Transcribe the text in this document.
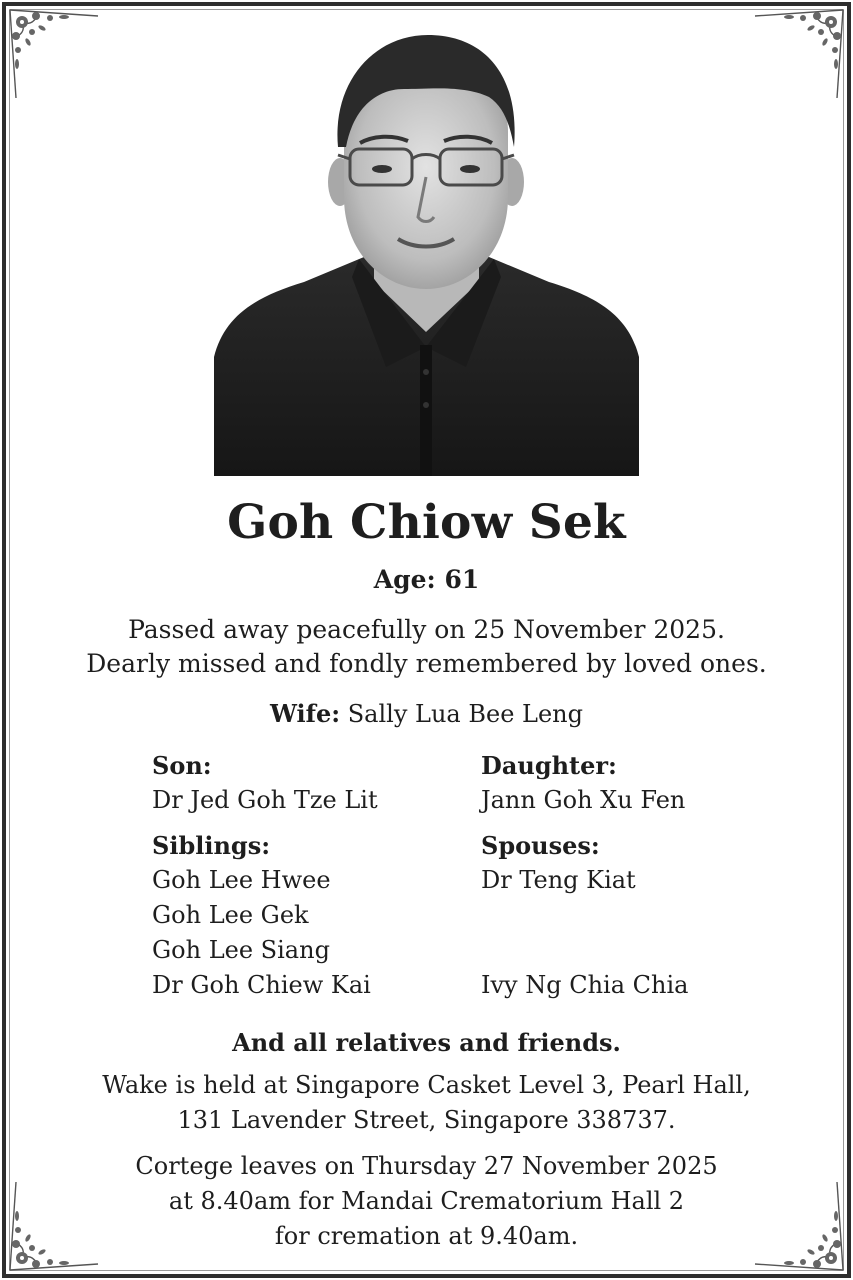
Goh Chiow Sek
Age: 61
Passed away peacefully on 25 November 2025.
Dearly missed and fondly remembered by loved ones.
Wife: Sally Lua Bee Leng
Son:
Dr Jed Goh Tze Lit
Siblings:
Goh Lee Hwee
Goh Lee Gek
Goh Lee Siang
Dr Goh Chiew Kai
Daughter:
Jann Goh Xu Fen
Spouses:
Dr Teng Kiat
Ivy Ng Chia Chia
And all relatives and friends.
Wake is held at Singapore Casket Level 3, Pearl Hall,
131 Lavender Street, Singapore 338737.
Cortege leaves on Thursday 27 November 2025
at 8.40am for Mandai Crematorium Hall 2
for cremation at 9.40am.
